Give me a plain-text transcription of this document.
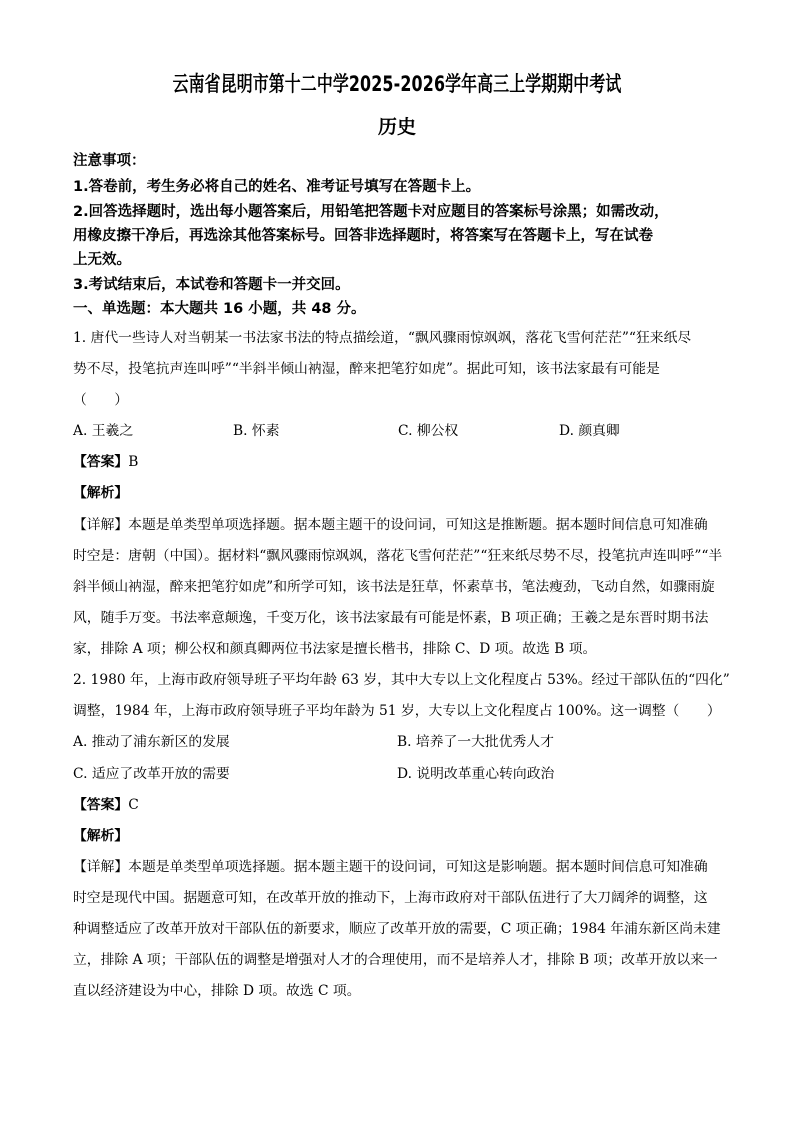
云南省昆明市第十二中学2025-2026学年高三上学期期中考试
历史
注意事项：
1.答卷前，考生务必将自己的姓名、准考证号填写在答题卡上。
2.回答选择题时，选出每小题答案后，用铅笔把答题卡对应题目的答案标号涂黑；如需改动，
用橡皮擦干净后，再选涂其他答案标号。回答非选择题时，将答案写在答题卡上，写在试卷
上无效。
3.考试结束后，本试卷和答题卡一并交回。
一、单选题：本大题共 16 小题，共 48 分。
1. 唐代一些诗人对当朝某一书法家书法的特点描绘道，“飘风骤雨惊飒飒，落花飞雪何茫茫”“狂来纸尽
势不尽，投笔抗声连叫呼”“半斜半倾山衲湿，醉来把笔狞如虎”。据此可知，该书法家最有可能是
（　　）
A. 王羲之	B. 怀素	C. 柳公权	D. 颜真卿
【答案】B
【解析】
【详解】本题是单类型单项选择题。据本题主题干的设问词，可知这是推断题。据本题时间信息可知准确
时空是：唐朝（中国）。据材料“飘风骤雨惊飒飒，落花飞雪何茫茫”“狂来纸尽势不尽，投笔抗声连叫呼”“半
斜半倾山衲湿，醉来把笔狞如虎”和所学可知，该书法是狂草，怀素草书，笔法瘦劲，飞动自然，如骤雨旋
风，随手万变。书法率意颠逸，千变万化，该书法家最有可能是怀素，B 项正确；王羲之是东晋时期书法
家，排除 A 项；柳公权和颜真卿两位书法家是擅长楷书，排除 C、D 项。故选 B 项。
2. 1980 年，上海市政府领导班子平均年龄 63 岁，其中大专以上文化程度占 53%。经过干部队伍的“四化”
调整，1984 年，上海市政府领导班子平均年龄为 51 岁，大专以上文化程度占 100%。这一调整（　　）
A. 推动了浦东新区的发展	B. 培养了一大批优秀人才
C. 适应了改革开放的需要	D. 说明改革重心转向政治
【答案】C
【解析】
【详解】本题是单类型单项选择题。据本题主题干的设问词，可知这是影响题。据本题时间信息可知准确
时空是现代中国。据题意可知，在改革开放的推动下，上海市政府对干部队伍进行了大刀阔斧的调整，这
种调整适应了改革开放对干部队伍的新要求，顺应了改革开放的需要，C 项正确；1984 年浦东新区尚未建
立，排除 A 项；干部队伍的调整是增强对人才的合理使用，而不是培养人才，排除 B 项；改革开放以来一
直以经济建设为中心，排除 D 项。故选 C 项。
